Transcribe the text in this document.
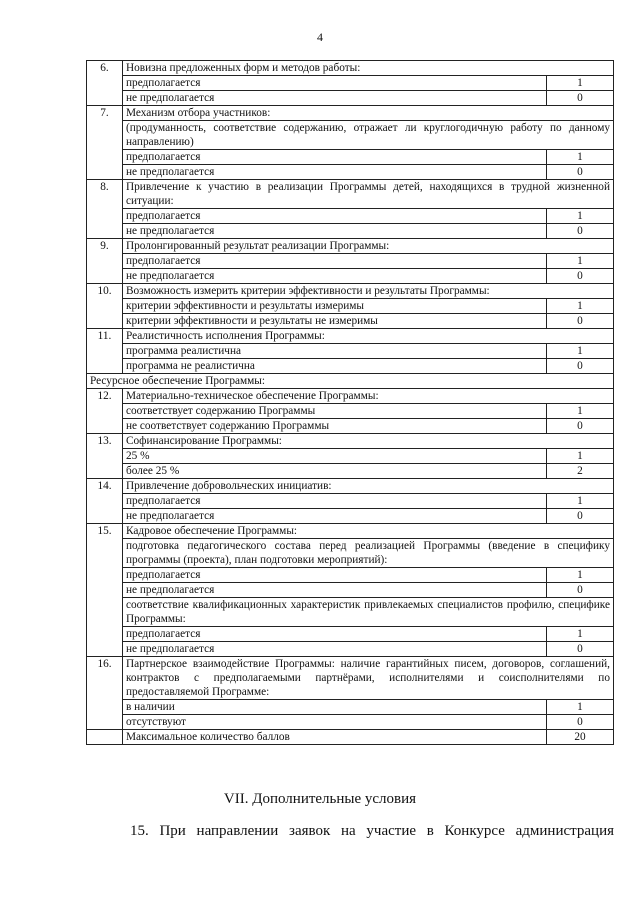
4
6.	Новизна предложенных форм и методов работы:	
	предполагается	1
	не предполагается	0
7.	Механизм отбора участников:	
	(продуманность, соответствие содержанию, отражает ли круглогодичную работу по данному направлению)	
	предполагается	1
	не предполагается	0
8.	Привлечение к участию в реализации Программы детей, находящихся в трудной жизненной ситуации:	
	предполагается	1
	не предполагается	0
9.	Пролонгированный результат реализации Программы:	
	предполагается	1
	не предполагается	0
10.	Возможность измерить критерии эффективности и результаты Программы:	
	критерии эффективности и результаты измеримы	1
	критерии эффективности и результаты не измеримы	0
11.	Реалистичность исполнения Программы:	
	программа реалистична	1
	программа не реалистична	0
Ресурсное обеспечение Программы:		
12.	Материально-техническое обеспечение Программы:	
	соответствует содержанию Программы	1
	не соответствует содержанию Программы	0
13.	Софинансирование Программы:	
	25 %	1
	более 25 %	2
14.	Привлечение добровольческих инициатив:	
	предполагается	1
	не предполагается	0
15.	Кадровое обеспечение Программы:	
	подготовка педагогического состава перед реализацией Программы (введение в специфику программы (проекта), план подготовки мероприятий):	
	предполагается	1
	не предполагается	0
	соответствие квалификационных характеристик привлекаемых специалистов профилю, специфике Программы:	
	предполагается	1
	не предполагается	0
16.	Партнерское взаимодействие Программы: наличие гарантийных писем, договоров, соглашений, контрактов с предполагаемыми партнёрами, исполнителями и соисполнителями по предоставляемой Программе:	
	в наличии	1
	отсутствуют	0
	Максимальное количество баллов	20
VII. Дополнительные условия
15. При направлении заявок на участие в Конкурсе администрация
